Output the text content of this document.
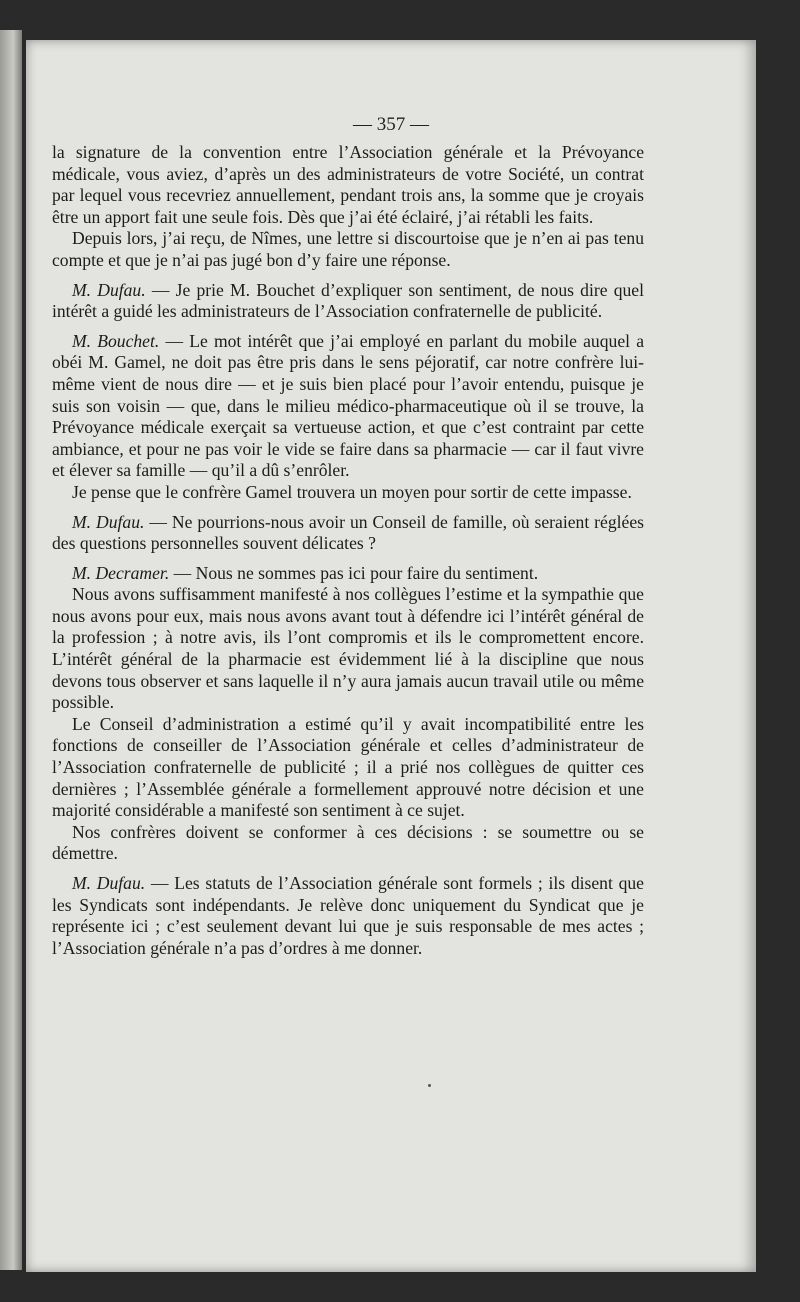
— 357 —

la signature de la convention entre l’Association générale et la Prévoyance médicale, vous aviez, d’après un des administrateurs de votre Société, un contrat par lequel vous recevriez annuellement, pendant trois ans, la somme que je croyais être un apport fait une seule fois. Dès que j’ai été éclairé, j’ai rétabli les faits.

Depuis lors, j’ai reçu, de Nîmes, une lettre si discourtoise que je n’en ai pas tenu compte et que je n’ai pas jugé bon d’y faire une réponse.

M. Dufau. — Je prie M. Bouchet d’expliquer son sentiment, de nous dire quel intérêt a guidé les administrateurs de l’Association confraternelle de publicité.

M. Bouchet. — Le mot intérêt que j’ai employé en parlant du mobile auquel a obéi M. Gamel, ne doit pas être pris dans le sens péjoratif, car notre confrère lui-même vient de nous dire — et je suis bien placé pour l’avoir entendu, puisque je suis son voisin — que, dans le milieu médico-pharmaceutique où il se trouve, la Prévoyance médicale exerçait sa vertueuse action, et que c’est contraint par cette ambiance, et pour ne pas voir le vide se faire dans sa pharmacie — car il faut vivre et élever sa famille — qu’il a dû s’enrôler.

Je pense que le confrère Gamel trouvera un moyen pour sortir de cette impasse.

M. Dufau. — Ne pourrions-nous avoir un Conseil de famille, où seraient réglées des questions personnelles souvent délicates ?

M. Decramer. — Nous ne sommes pas ici pour faire du sentiment.

Nous avons suffisamment manifesté à nos collègues l’estime et la sympathie que nous avons pour eux, mais nous avons avant tout à défendre ici l’intérêt général de la profession ; à notre avis, ils l’ont compromis et ils le compromettent encore. L’intérêt général de la pharmacie est évidemment lié à la discipline que nous devons tous observer et sans laquelle il n’y aura jamais aucun travail utile ou même possible.

Le Conseil d’administration a estimé qu’il y avait incompatibilité entre les fonctions de conseiller de l’Association générale et celles d’administrateur de l’Association confraternelle de publicité ; il a prié nos collègues de quitter ces dernières ; l’Assemblée générale a formellement approuvé notre décision et une majorité considérable a manifesté son sentiment à ce sujet.

Nos confrères doivent se conformer à ces décisions : se soumettre ou se démettre.

M. Dufau. — Les statuts de l’Association générale sont formels ; ils disent que les Syndicats sont indépendants. Je relève donc uniquement du Syndicat que je représente ici ; c’est seulement devant lui que je suis responsable de mes actes ; l’Association générale n’a pas d’ordres à me donner.
